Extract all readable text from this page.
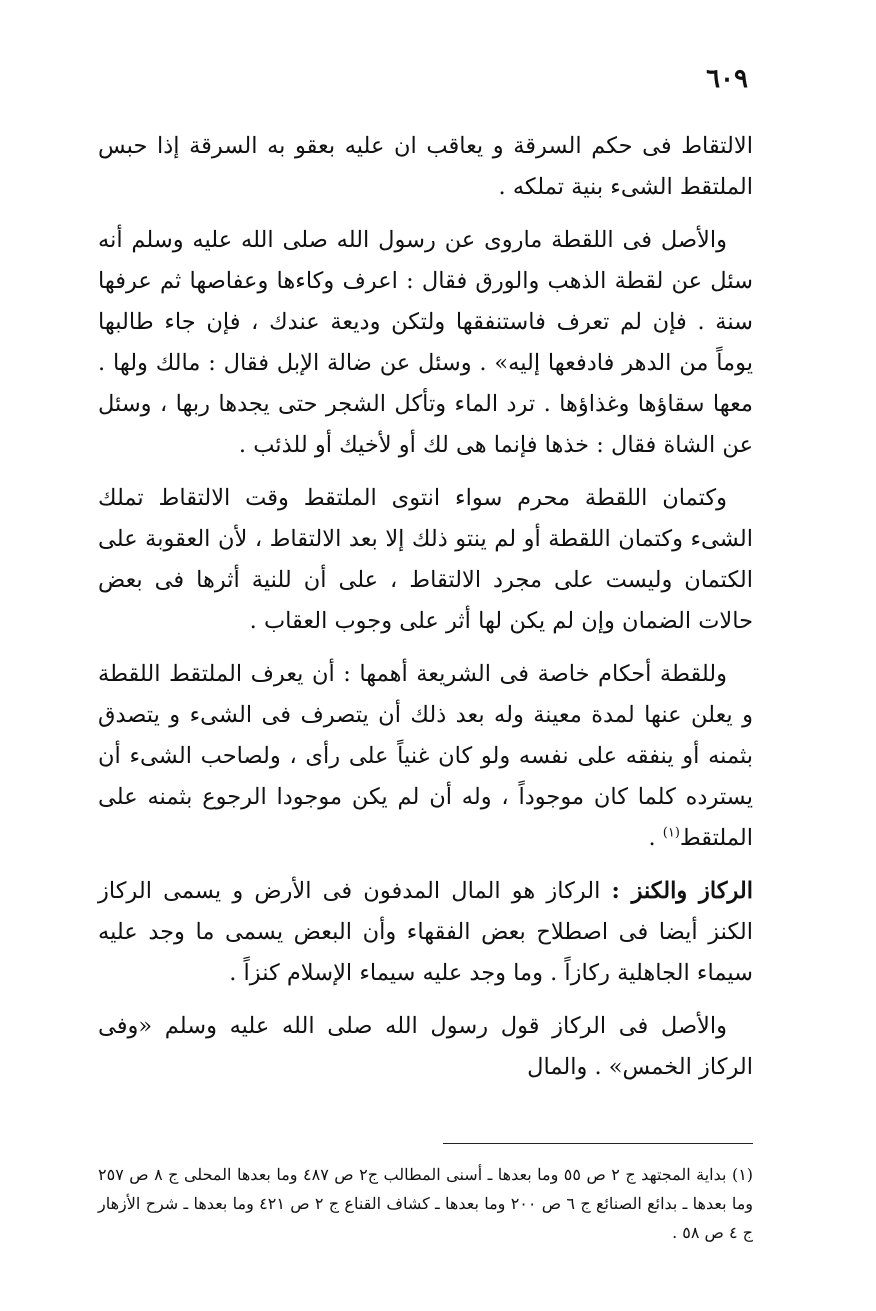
٦٠٩

الالتقاط فى حكم السرقة و يعاقب ان عليه بعقو به السرقة إذا حبس الملتقط الشىء بنية تملكه .

والأصل فى اللقطة ماروى عن رسول الله صلى الله عليه وسلم أنه سئل عن لقطة الذهب والورق فقال : اعرف وكاءها وعفاصها ثم عرفها سنة . فإن لم تعرف فاستنفقها ولتكن وديعة عندك ، فإن جاء طالبها يوماً من الدهر فادفعها إليه» . وسئل عن ضالة الإبل فقال : مالك ولها . معها سقاؤها وغذاؤها . ترد الماء وتأكل الشجر حتى يجدها ربها ، وسئل عن الشاة فقال : خذها فإنما هى لك أو لأخيك أو للذئب .

وكتمان اللقطة محرم سواء انتوى الملتقط وقت الالتقاط تملك الشىء وكتمان اللقطة أو لم ينتو ذلك إلا بعد الالتقاط ، لأن العقوبة على الكتمان وليست على مجرد الالتقاط ، على أن للنية أثرها فى بعض حالات الضمان وإن لم يكن لها أثر على وجوب العقاب .

وللقطة أحكام خاصة فى الشريعة أهمها : أن يعرف الملتقط اللقطة و يعلن عنها لمدة معينة وله بعد ذلك أن يتصرف فى الشىء و يتصدق بثمنه أو ينفقه على نفسه ولو كان غنياً على رأى ، ولصاحب الشىء أن يسترده كلما كان موجوداً ، وله أن لم يكن موجودا الرجوع بثمنه على الملتقط$^{(١)}$ .

الركاز والكنز : الركاز هو المال المدفون فى الأرض و يسمى الركاز الكنز أيضا فى اصطلاح بعض الفقهاء وأن البعض يسمى ما وجد عليه سيماء الجاهلية ركازاً . وما وجد عليه سيماء الإسلام كنزاً .

والأصل فى الركاز قول رسول الله صلى الله عليه وسلم «وفى الركاز الخمس» . والمال

(١) بداية المجتهد ج ٢ ص ٥٥ وما بعدها ـ أسنى المطالب ج٢ ص ٤٨٧ وما بعدها المحلى ج ٨ ص ٢٥٧ وما بعدها ـ بدائع الصنائع ج ٦ ص ٢٠٠ وما بعدها ـ كشاف القناع ج ٢ ص ٤٢١ وما بعدها ـ شرح الأزهار ج ٤ ص ٥٨ .
